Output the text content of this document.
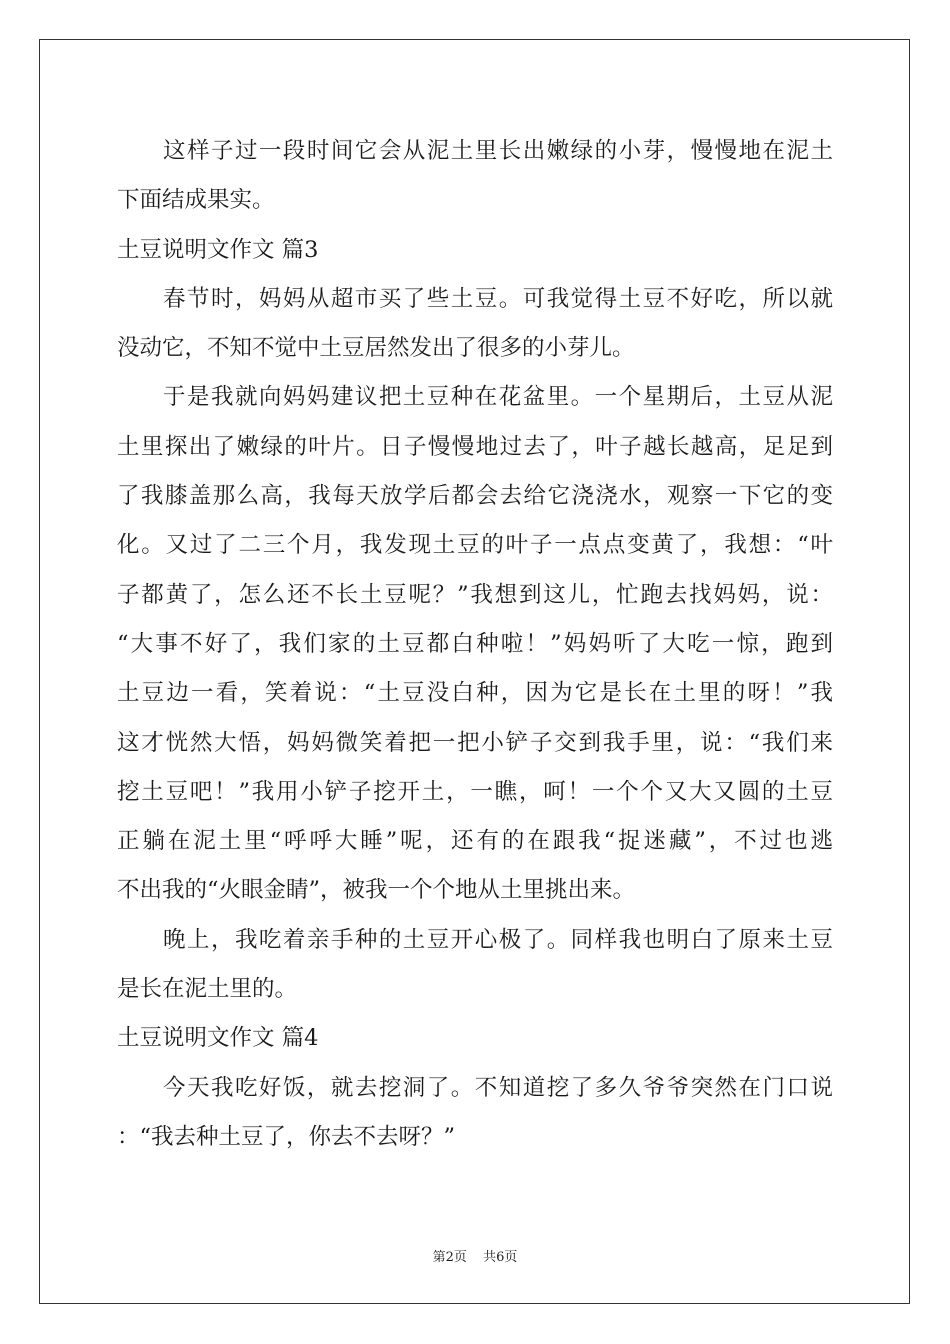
这样子过一段时间它会从泥土里长出嫩绿的小芽，慢慢地在泥土
下面结成果实。
土豆说明文作文 篇3
春节时，妈妈从超市买了些土豆。可我觉得土豆不好吃，所以就
没动它，不知不觉中土豆居然发出了很多的小芽儿。
于是我就向妈妈建议把土豆种在花盆里。一个星期后，土豆从泥
土里探出了嫩绿的叶片。日子慢慢地过去了，叶子越长越高，足足到
了我膝盖那么高，我每天放学后都会去给它浇浇水，观察一下它的变
化。又过了二三个月，我发现土豆的叶子一点点变黄了，我想：“叶
子都黄了，怎么还不长土豆呢？”我想到这儿，忙跑去找妈妈，说：
“大事不好了，我们家的土豆都白种啦！”妈妈听了大吃一惊，跑到
土豆边一看，笑着说：“土豆没白种，因为它是长在土里的呀！”我
这才恍然大悟，妈妈微笑着把一把小铲子交到我手里，说：“我们来
挖土豆吧！”我用小铲子挖开土，一瞧，呵！一个个又大又圆的土豆
正躺在泥土里“呼呼大睡”呢，还有的在跟我“捉迷藏”，不过也逃
不出我的“火眼金睛”，被我一个个地从土里挑出来。
晚上，我吃着亲手种的土豆开心极了。同样我也明白了原来土豆
是长在泥土里的。
土豆说明文作文 篇4
今天我吃好饭，就去挖洞了。不知道挖了多久爷爷突然在门口说
：“我去种土豆了，你去不去呀？”
第2页 共6页
